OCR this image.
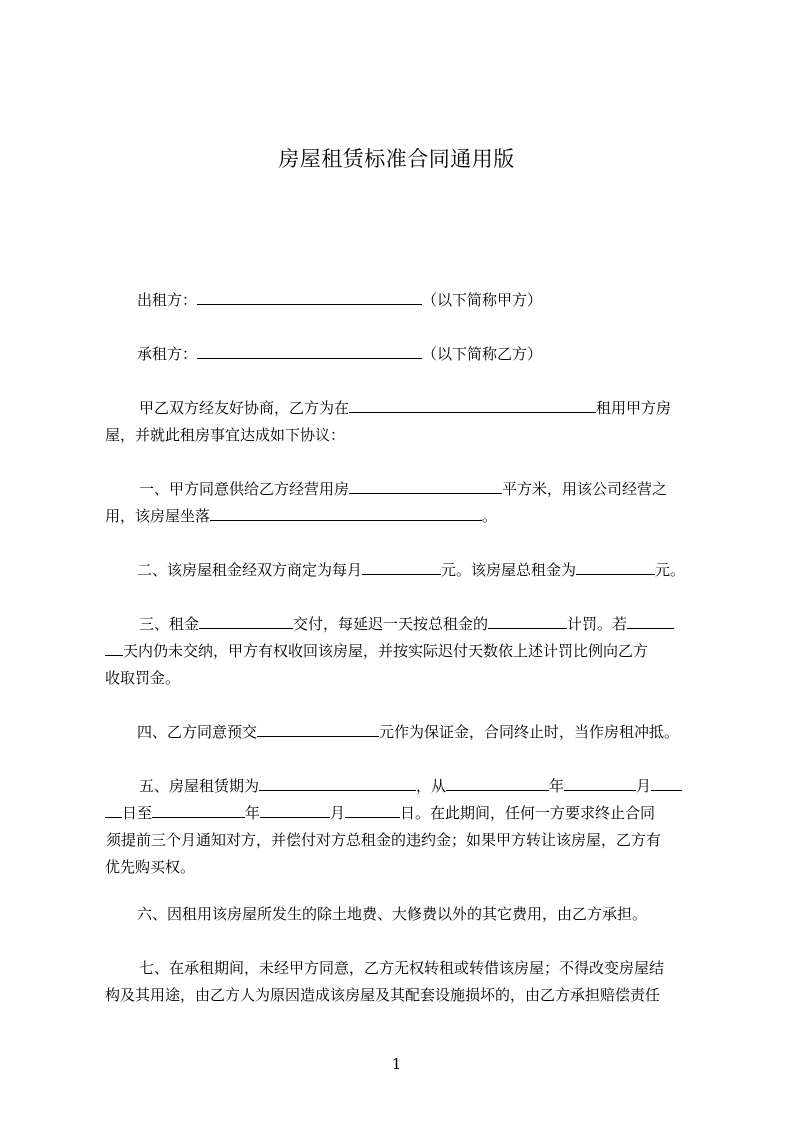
房屋租赁标准合同通用版
出租方：	（以下简称甲方）
承租方：	（以下简称乙方）
甲乙双方经友好协商，乙方为在	租用甲方房
屋，并就此租房事宜达成如下协议：
一、甲方同意供给乙方经营用房	平方米，用该公司经营之
用，该房屋坐落	。
二、该房屋租金经双方商定为每月	元。该房屋总租金为	元。
三、租金	交付，每延迟一天按总租金的	计罚。若
天内仍未交纳，甲方有权收回该房屋，并按实际迟付天数依上述计罚比例向乙方
收取罚金。
四、乙方同意预交	元作为保证金，合同终止时，当作房租冲抵。
五、房屋租赁期为	，从	年	月
日至	年	月	日。在此期间，任何一方要求终止合同
须提前三个月通知对方，并偿付对方总租金的违约金；如果甲方转让该房屋，乙方有
优先购买权。
六、因租用该房屋所发生的除土地费、大修费以外的其它费用，由乙方承担。
七、在承租期间，未经甲方同意，乙方无权转租或转借该房屋；不得改变房屋结
构及其用途，由乙方人为原因造成该房屋及其配套设施损坏的，由乙方承担赔偿责任
1
